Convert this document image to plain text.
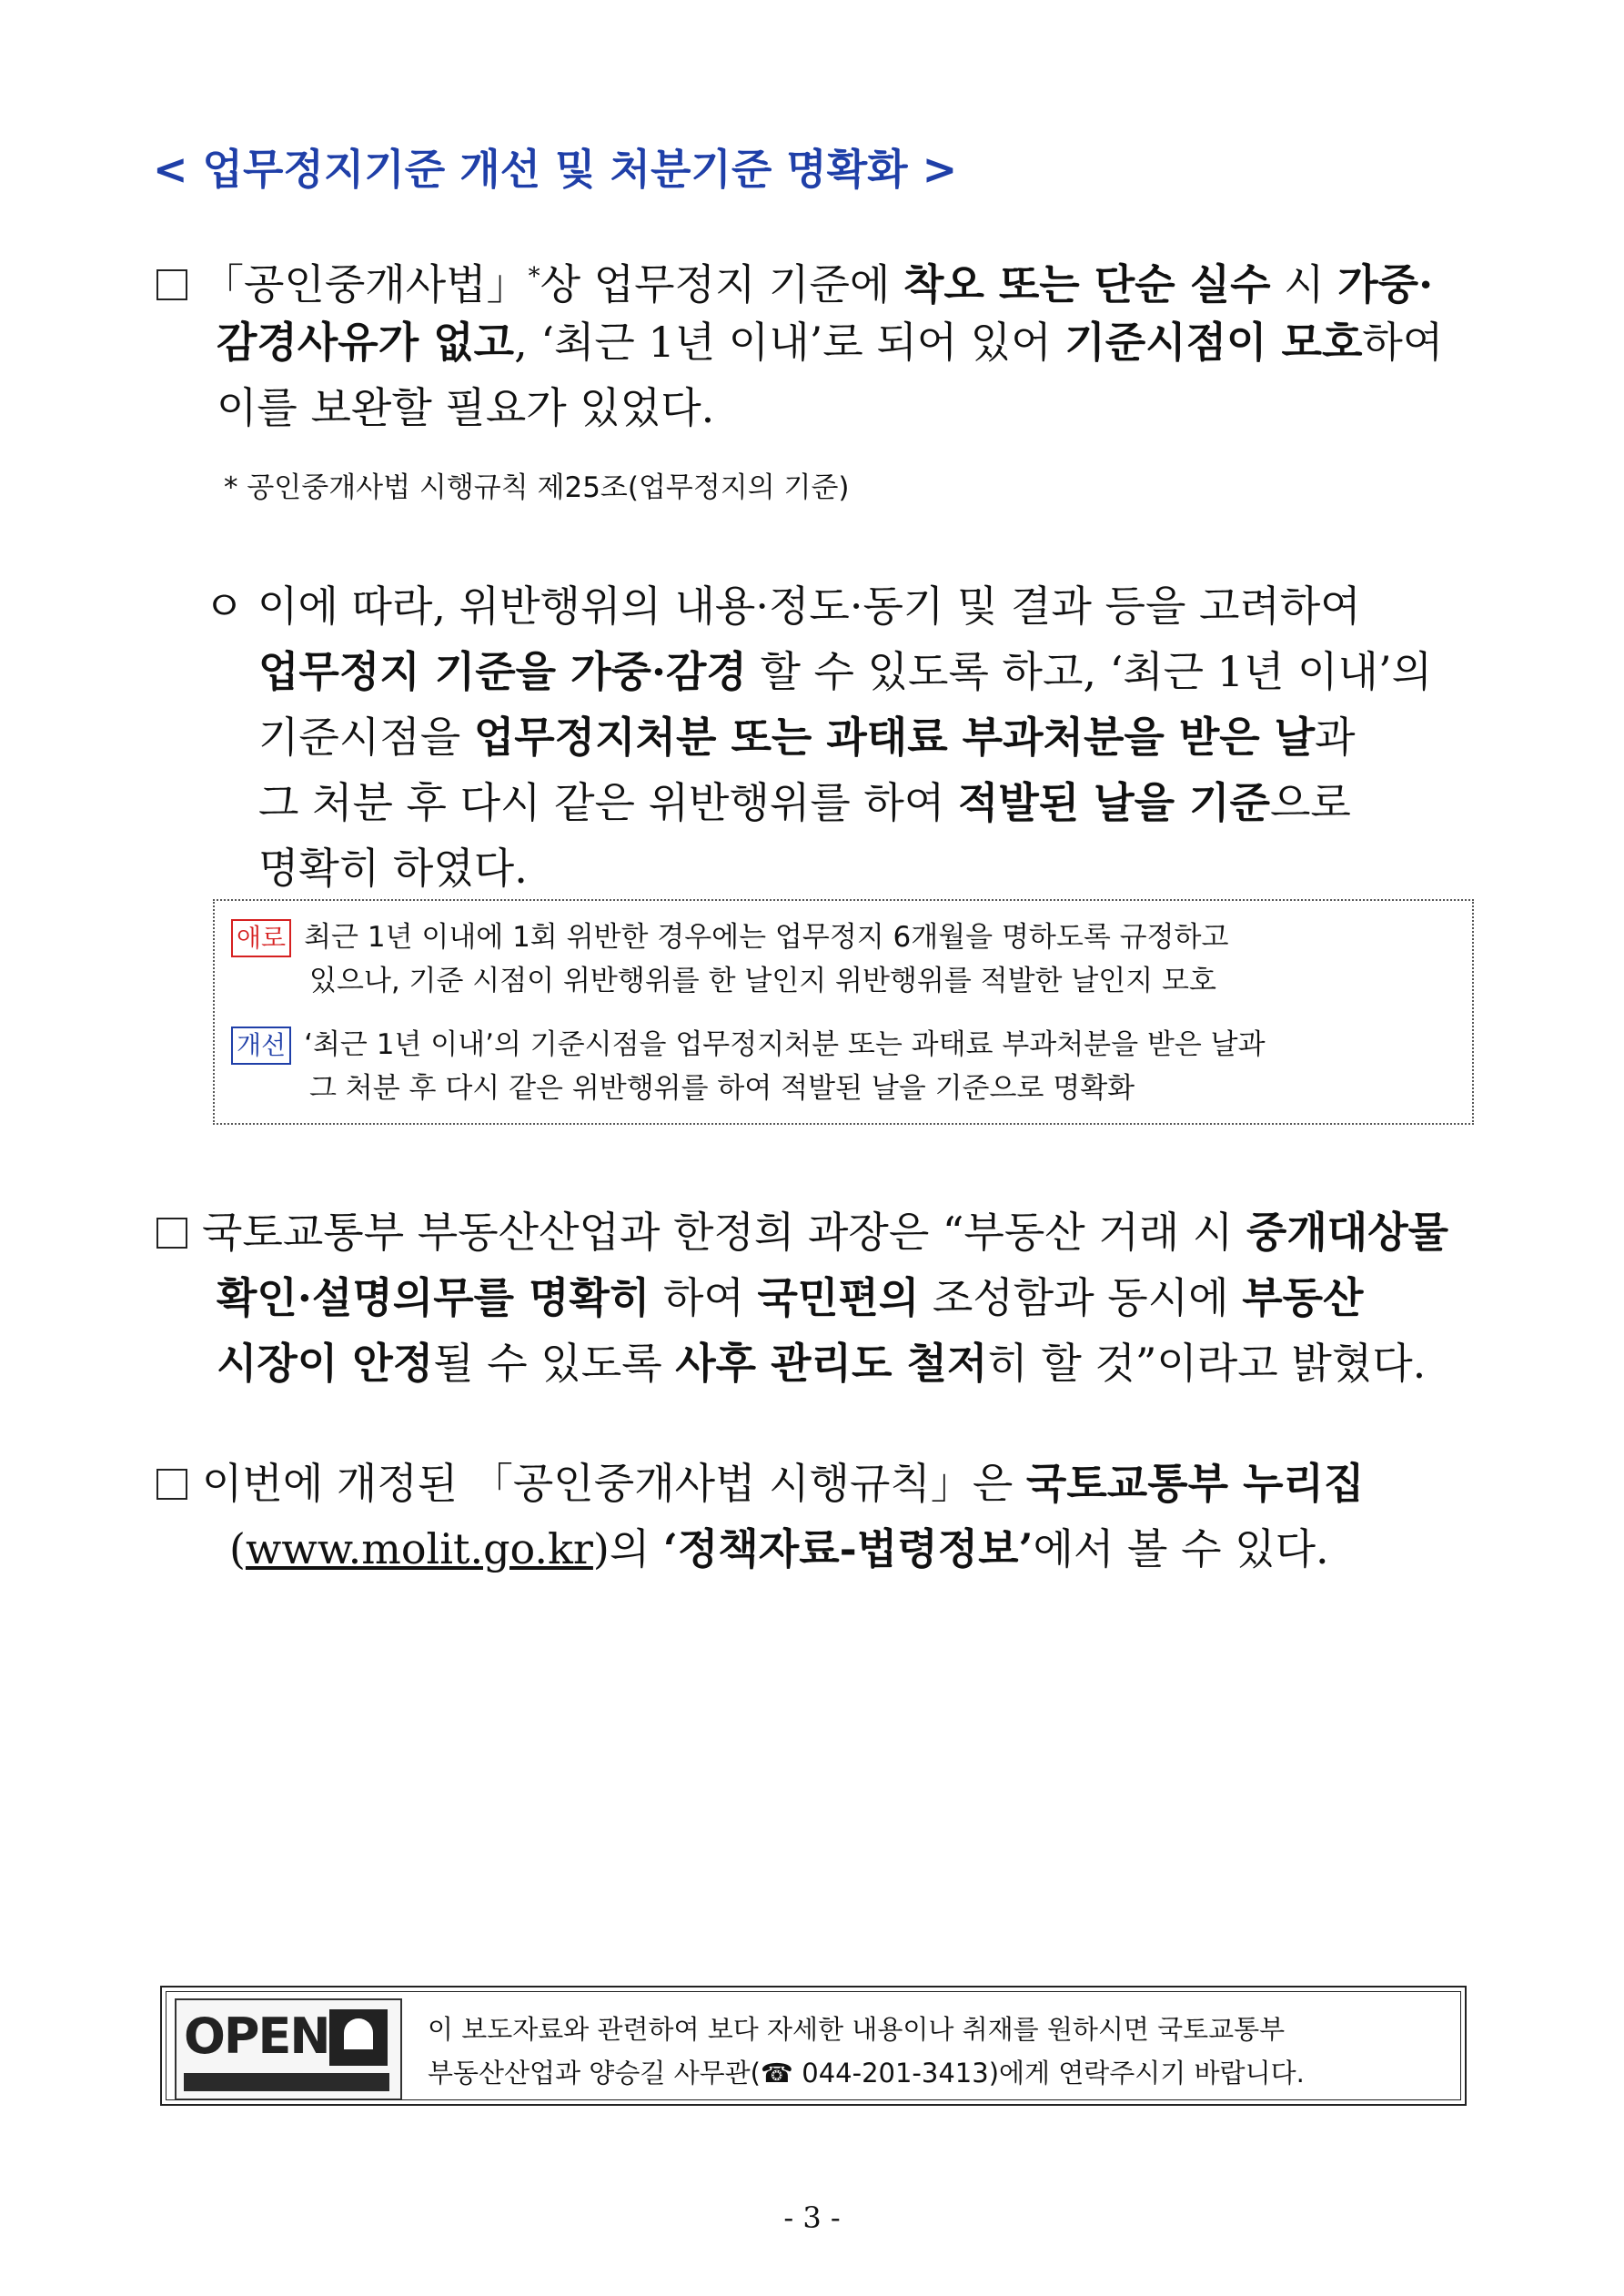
< 업무정지기준 개선 및 처분기준 명확화 >
「공인중개사법」*상 업무정지 기준에 착오 또는 단순 실수 시 가중·
감경사유가 없고, ‘최근 1년 이내’로 되어 있어 기준시점이 모호하여
이를 보완할 필요가 있었다.
* 공인중개사법 시행규칙 제25조(업무정지의 기준)
ㅇ 이에 따라, 위반행위의 내용·정도·동기 및 결과 등을 고려하여
업무정지 기준을 가중·감경 할 수 있도록 하고, ‘최근 1년 이내’의
기준시점을 업무정지처분 또는 과태료 부과처분을 받은 날과
그 처분 후 다시 같은 위반행위를 하여 적발된 날을 기준으로
명확히 하였다.
애로 최근 1년 이내에 1회 위반한 경우에는 업무정지 6개월을 명하도록 규정하고
있으나, 기준 시점이 위반행위를 한 날인지 위반행위를 적발한 날인지 모호
개선 ‘최근 1년 이내’의 기준시점을 업무정지처분 또는 과태료 부과처분을 받은 날과
그 처분 후 다시 같은 위반행위를 하여 적발된 날을 기준으로 명확화
국토교통부 부동산산업과 한정희 과장은 “부동산 거래 시 중개대상물
확인·설명의무를 명확히 하여 국민편의 조성함과 동시에 부동산
시장이 안정될 수 있도록 사후 관리도 철저히 할 것”이라고 밝혔다.
이번에 개정된 「공인중개사법 시행규칙」은 국토교통부 누리집
(www.molit.go.kr)의 ‘정책자료-법령정보’에서 볼 수 있다.
OPEN	이 보도자료와 관련하여 보다 자세한 내용이나 취재를 원하시면 국토교통부
부동산산업과 양승길 사무관(☎ 044-201-3413)에게 연락주시기 바랍니다.
- 3 -
